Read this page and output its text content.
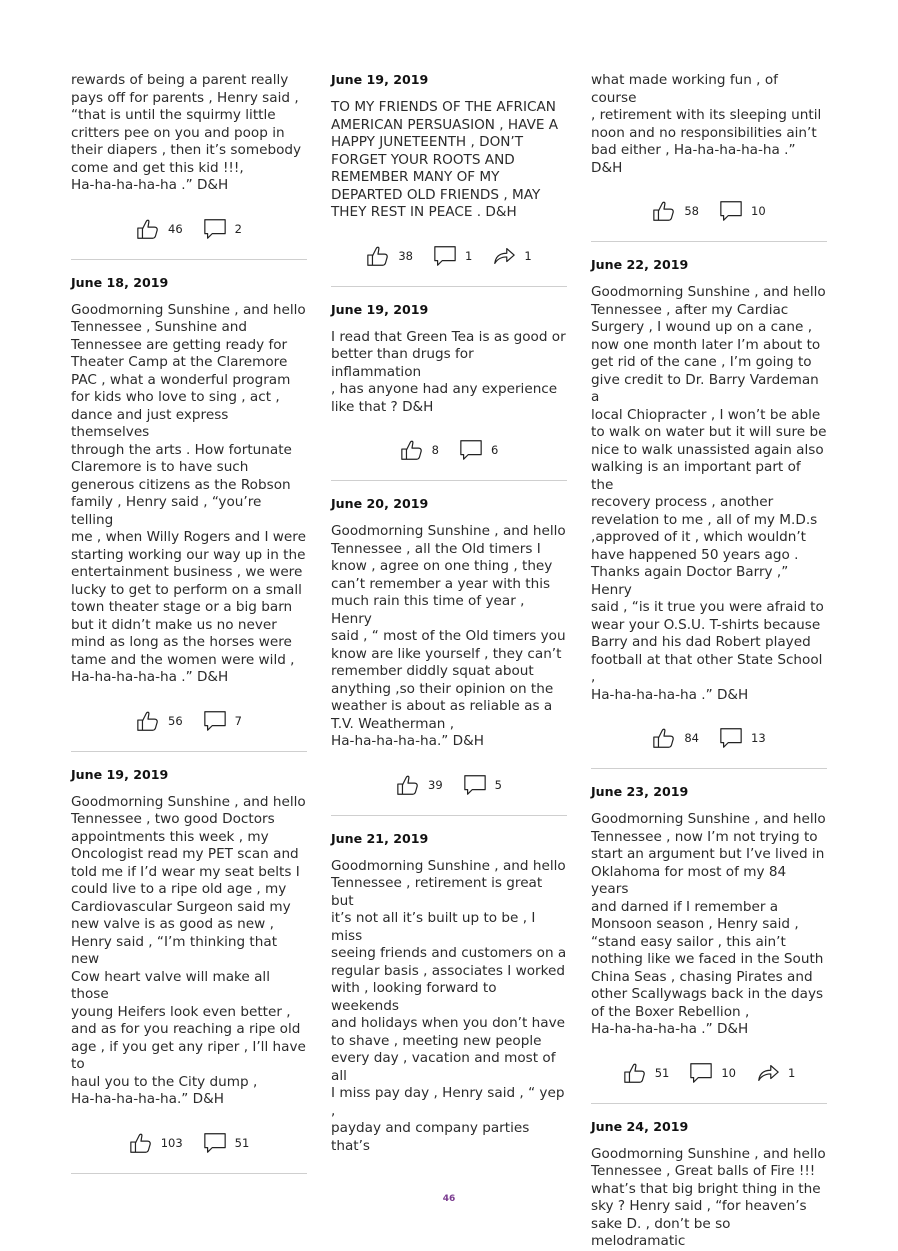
rewards of being a parent really
pays off for parents , Henry said ,
“that is until the squirmy little
critters pee on you and poop in
their diapers , then it’s somebody
come and get this kid !!!,
Ha-ha-ha-ha-ha .” D&H

46	2

June 18, 2019

Goodmorning Sunshine , and hello
Tennessee , Sunshine and
Tennessee are getting ready for
Theater Camp at the Claremore
PAC , what a wonderful program
for kids who love to sing , act ,
dance and just express themselves
through the arts . How fortunate
Claremore is to have such
generous citizens as the Robson
family , Henry said , “you’re telling
me , when Willy Rogers and I were
starting working our way up in the
entertainment business , we were
lucky to get to perform on a small
town theater stage or a big barn
but it didn’t make us no never
mind as long as the horses were
tame and the women were wild ,
Ha-ha-ha-ha-ha .” D&H

56	7

June 19, 2019

Goodmorning Sunshine , and hello
Tennessee , two good Doctors
appointments this week , my
Oncologist read my PET scan and
told me if I’d wear my seat belts I
could live to a ripe old age , my
Cardiovascular Surgeon said my
new valve is as good as new ,
Henry said , “I’m thinking that new
Cow heart valve will make all those
young Heifers look even better ,
and as for you reaching a ripe old
age , if you get any riper , I’ll have to
haul you to the City dump ,
Ha-ha-ha-ha-ha.” D&H

103	51

June 19, 2019

TO MY FRIENDS OF THE AFRICAN
AMERICAN PERSUASION , HAVE A
HAPPY JUNETEENTH , DON’T
FORGET YOUR ROOTS AND
REMEMBER MANY OF MY
DEPARTED OLD FRIENDS , MAY
THEY REST IN PEACE . D&H

38	1	1

June 19, 2019

I read that Green Tea is as good or
better than drugs for inflammation
, has anyone had any experience
like that ? D&H

8	6

June 20, 2019

Goodmorning Sunshine , and hello
Tennessee , all the Old timers I
know , agree on one thing , they
can’t remember a year with this
much rain this time of year , Henry
said , “ most of the Old timers you
know are like yourself , they can’t
remember diddly squat about
anything ,so their opinion on the
weather is about as reliable as a
T.V. Weatherman ,
Ha-ha-ha-ha-ha.” D&H

39	5

June 21, 2019

Goodmorning Sunshine , and hello
Tennessee , retirement is great but
it’s not all it’s built up to be , I miss
seeing friends and customers on a
regular basis , associates I worked
with , looking forward to weekends
and holidays when you don’t have
to shave , meeting new people
every day , vacation and most of all
I miss pay day , Henry said , “ yep ,
payday and company parties that’s

what made working fun , of course
, retirement with its sleeping until
noon and no responsibilities ain’t
bad either , Ha-ha-ha-ha-ha .” D&H

58	10

June 22, 2019

Goodmorning Sunshine , and hello
Tennessee , after my Cardiac
Surgery , I wound up on a cane ,
now one month later I’m about to
get rid of the cane , I’m going to
give credit to Dr. Barry Vardeman a
local Chiopracter , I won’t be able
to walk on water but it will sure be
nice to walk unassisted again also
walking is an important part of the
recovery process , another
revelation to me , all of my M.D.s
,approved of it , which wouldn’t
have happened 50 years ago .
Thanks again Doctor Barry ,” Henry
said , “is it true you were afraid to
wear your O.S.U. T-shirts because
Barry and his dad Robert played
football at that other State School ,
Ha-ha-ha-ha-ha .” D&H

84	13

June 23, 2019

Goodmorning Sunshine , and hello
Tennessee , now I’m not trying to
start an argument but I’ve lived in
Oklahoma for most of my 84 years
and darned if I remember a
Monsoon season , Henry said ,
“stand easy sailor , this ain’t
nothing like we faced in the South
China Seas , chasing Pirates and
other Scallywags back in the days
of the Boxer Rebellion ,
Ha-ha-ha-ha-ha .” D&H

51	10	1

June 24, 2019

Goodmorning Sunshine , and hello
Tennessee , Great balls of Fire !!!
what’s that big bright thing in the
sky ? Henry said , “for heaven’s
sake D. , don’t be so melodramatic

46
